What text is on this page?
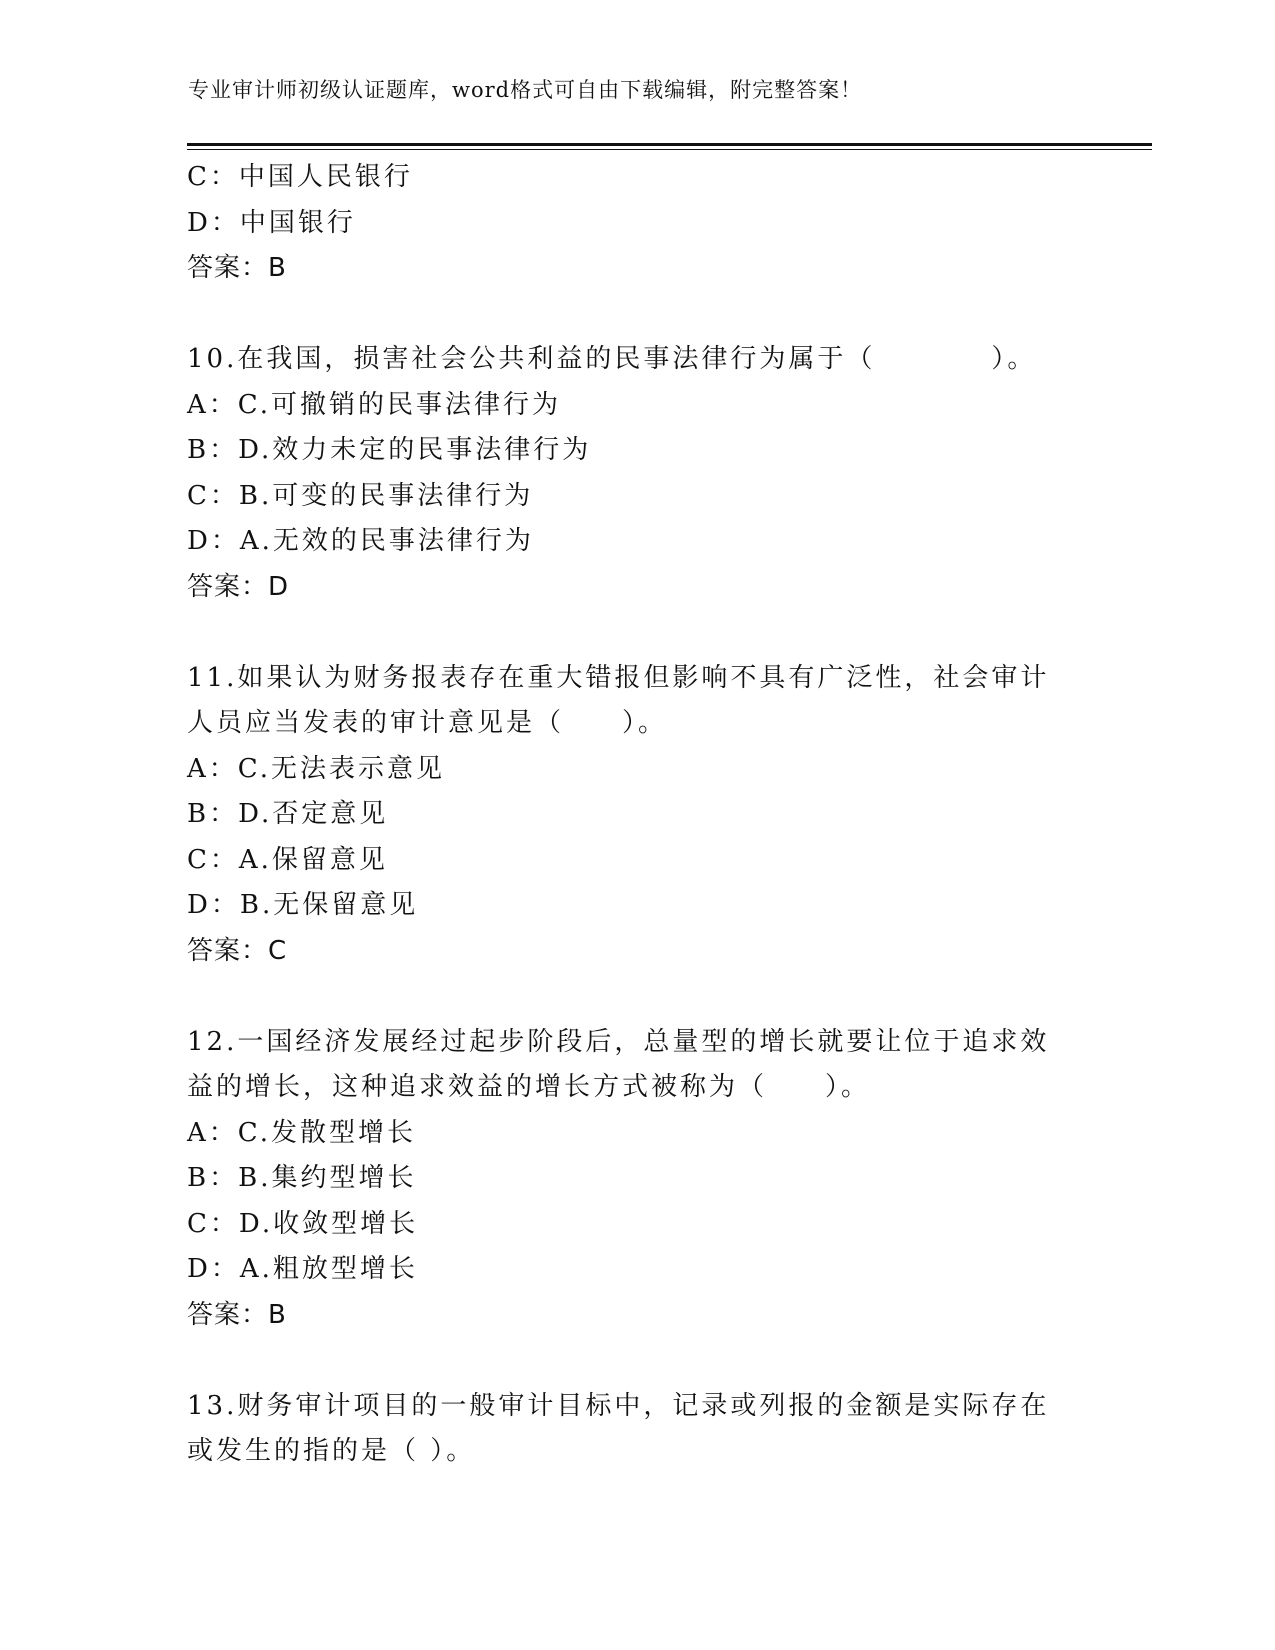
专业审计师初级认证题库，word格式可自由下载编辑，附完整答案！
C：中国人民银行
D：中国银行
答案：B
10.在我国，损害社会公共利益的民事法律行为属于（　　　　）。
A：C.可撤销的民事法律行为
B：D.效力未定的民事法律行为
C：B.可变的民事法律行为
D：A.无效的民事法律行为
答案：D
11.如果认为财务报表存在重大错报但影响不具有广泛性，社会审计人员应当发表的审计意见是（　　）。
A：C.无法表示意见
B：D.否定意见
C：A.保留意见
D：B.无保留意见
答案：C
12.一国经济发展经过起步阶段后，总量型的增长就要让位于追求效益的增长，这种追求效益的增长方式被称为（　　）。
A：C.发散型增长
B：B.集约型增长
C：D.收敛型增长
D：A.粗放型增长
答案：B
13.财务审计项目的一般审计目标中，记录或列报的金额是实际存在或发生的指的是（ ）。
